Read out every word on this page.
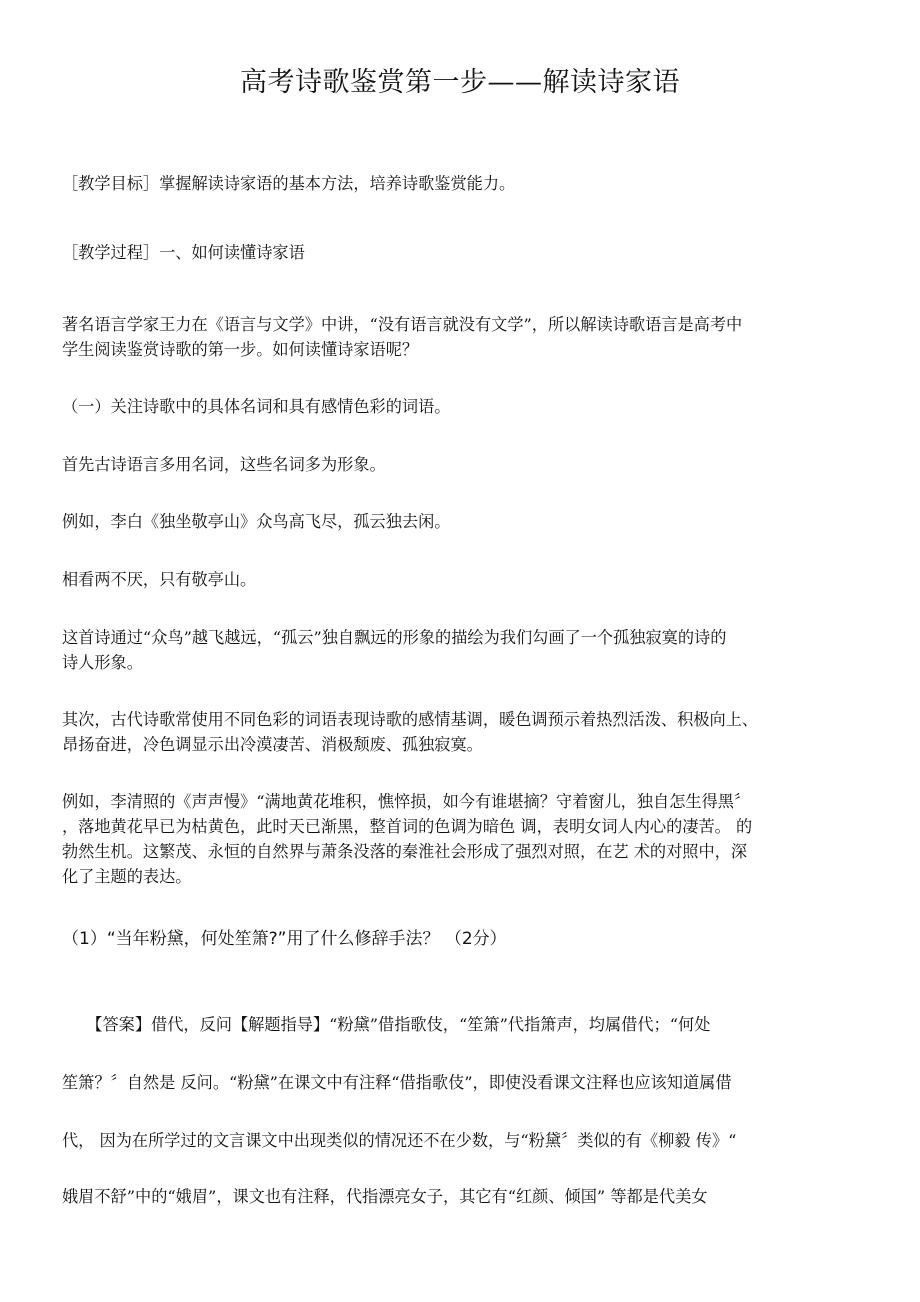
高考诗歌鉴赏第一步——解读诗家语
［教学目标］掌握解读诗家语的基本方法，培养诗歌鉴赏能力。
［教学过程］一、如何读懂诗家语
著名语言学家王力在《语言与文学》中讲，“没有语言就没有文学”，所以解读诗歌语言是高考中
学生阅读鉴赏诗歌的第一步。如何读懂诗家语呢？
（一）关注诗歌中的具体名词和具有感情色彩的词语。
首先古诗语言多用名词，这些名词多为形象。
例如，李白《独坐敬亭山》众鸟高飞尽，孤云独去闲。
相看两不厌，只有敬亭山。
这首诗通过“众鸟”越飞越远，“孤云”独自飘远的形象的描绘为我们勾画了一个孤独寂寞的诗的
诗人形象。
其次，古代诗歌常使用不同色彩的词语表现诗歌的感情基调，暖色调预示着热烈活泼、积极向上、
昂扬奋进，冷色调显示出冷漠凄苦、消极颓废、孤独寂寞。
例如，李清照的《声声慢》“满地黄花堆积，憔悴损，如今有谁堪摘？守着窗儿，独自怎生得黑〞
，落地黄花早已为枯黄色，此时天已渐黑，整首词的色调为暗色 调，表明女词人内心的凄苦。 的
勃然生机。这繁茂、永恒的自然界与萧条没落的秦淮社会形成了强烈对照，在艺 术的对照中，深
化了主题的表达。
（1）“当年粉黛，何处笙箫?”用了什么修辞手法？ （2分）
　　【答案】借代，反问【解题指导】“粉黛”借指歌伎，“笙箫”代指箫声，均属借代；“何处
笙箫？〞自然是 反问。“粉黛”在课文中有注释“借指歌伎”，即使没看课文注释也应该知道属借
代， 因为在所学过的文言课文中出现类似的情况还不在少数，与“粉黛〞类似的有《柳毅 传》“
娥眉不舒”中的“娥眉”，课文也有注释，代指漂亮女子，其它有“红颜、倾国” 等都是代美女
